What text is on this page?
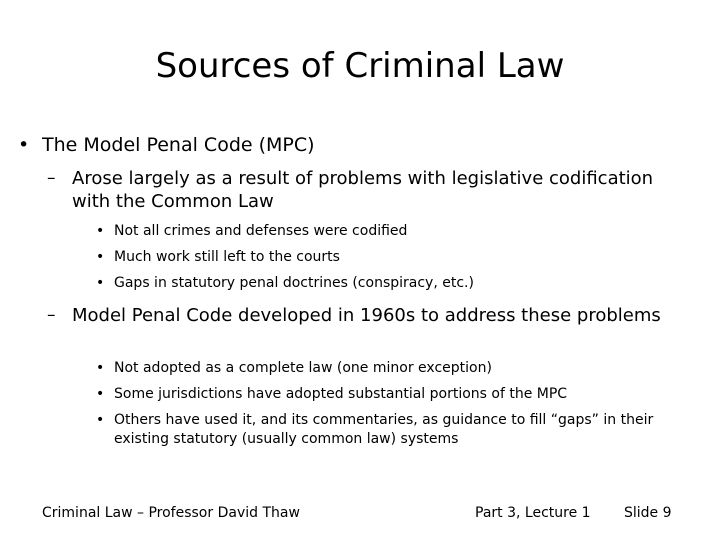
Sources of Criminal Law
• The Model Penal Code (MPC)
– Arose largely as a result of problems with legislative codification with the Common Law
• Not all crimes and defenses were codified
• Much work still left to the courts
• Gaps in statutory penal doctrines (conspiracy, etc.)
– Model Penal Code developed in 1960s to address these problems
• Not adopted as a complete law (one minor exception)
• Some jurisdictions have adopted substantial portions of the MPC
• Others have used it, and its commentaries, as guidance to fill “gaps” in their existing statutory (usually common law) systems
Criminal Law – Professor David Thaw	Part 3, Lecture 1 Slide 9
